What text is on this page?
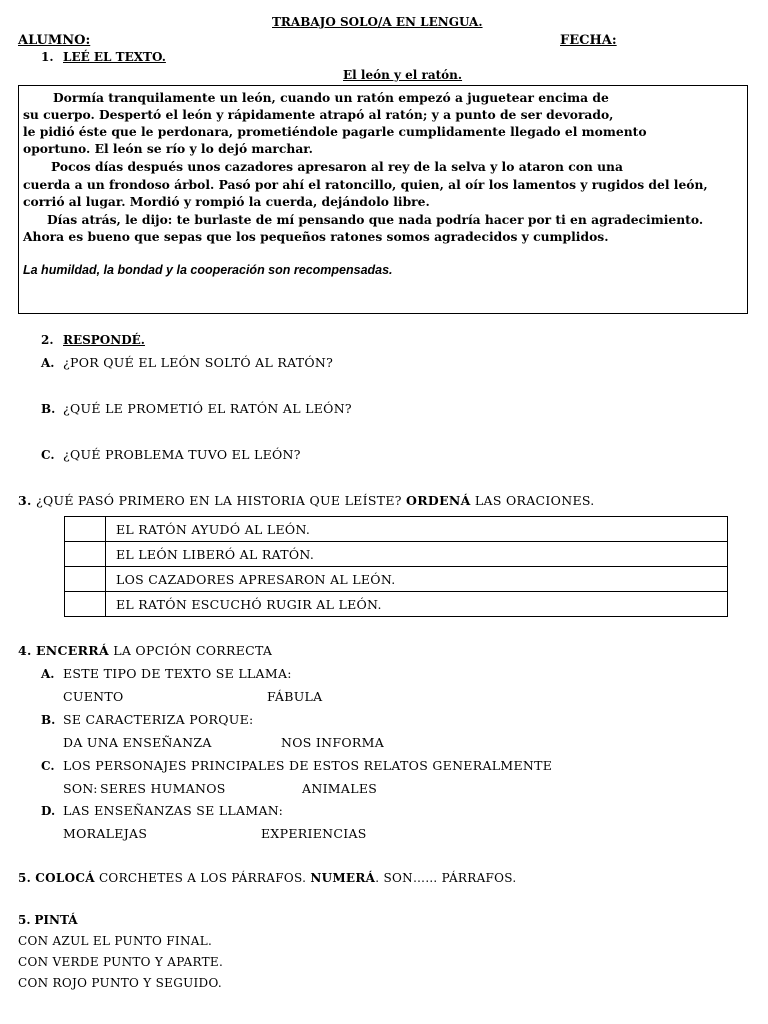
TRABAJO SOLO/A EN LENGUA.
ALUMNO:	FECHA:
1. LEÉ EL TEXTO.
El león y el ratón.
Dormía tranquilamente un león, cuando un ratón empezó a juguetear encima de
su cuerpo. Despertó el león y rápidamente atrapó al ratón; y a punto de ser devorado,
le pidió éste que le perdonara, prometiéndole pagarle cumplidamente llegado el momento
oportuno. El león se río y lo dejó marchar.
Pocos días después unos cazadores apresaron al rey de la selva y lo ataron con una
cuerda a un frondoso árbol. Pasó por ahí el ratoncillo, quien, al oír los lamentos y rugidos del león,
corrió al lugar. Mordió y rompió la cuerda, dejándolo libre.
Días atrás, le dijo: te burlaste de mí pensando que nada podría hacer por ti en agradecimiento.
Ahora es bueno que sepas que los pequeños ratones somos agradecidos y cumplidos.
La humildad, la bondad y la cooperación son recompensadas.
2. RESPONDÉ.
A. ¿POR QUÉ EL LEÓN SOLTÓ AL RATÓN?
B. ¿QUÉ LE PROMETIÓ EL RATÓN AL LEÓN?
C. ¿QUÉ PROBLEMA TUVO EL LEÓN?
3. ¿QUÉ PASÓ PRIMERO EN LA HISTORIA QUE LEÍSTE? ORDENÁ LAS ORACIONES.
	EL RATÓN AYUDÓ AL LEÓN.
	EL LEÓN LIBERÓ AL RATÓN.
	LOS CAZADORES APRESARON AL LEÓN.
	EL RATÓN ESCUCHÓ RUGIR AL LEÓN.
4. ENCERRÁ LA OPCIÓN CORRECTA
A. ESTE TIPO DE TEXTO SE LLAMA:
CUENTO	FÁBULA
B. SE CARACTERIZA PORQUE:
DA UNA ENSEÑANZA	NOS INFORMA
C. LOS PERSONAJES PRINCIPALES DE ESTOS RELATOS GENERALMENTE
SON: SERES HUMANOS	ANIMALES
D. LAS ENSEÑANZAS SE LLAMAN:
MORALEJAS	EXPERIENCIAS
5. COLOCÁ CORCHETES A LOS PÁRRAFOS. NUMERÁ. SON…… PÁRRAFOS.
5. PINTÁ
CON AZUL EL PUNTO FINAL.
CON VERDE PUNTO Y APARTE.
CON ROJO PUNTO Y SEGUIDO.
